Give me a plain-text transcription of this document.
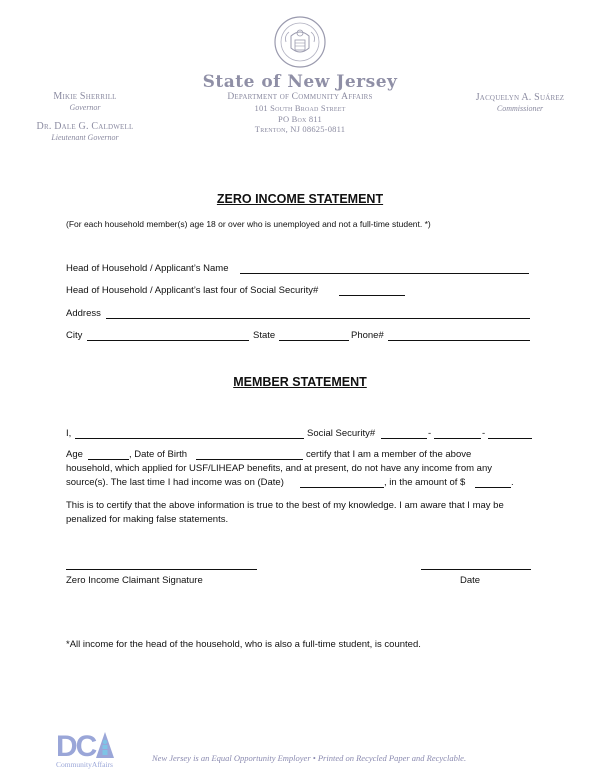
Mikie Sherrill
Governor
Dr. Dale G. Caldwell
Lieutenant Governor
State of New Jersey
Department of Community Affairs
101 South Broad Street
PO Box 811
Trenton, NJ 08625-0811
Jacquelyn A. Suárez
Commissioner
ZERO INCOME STATEMENT
(For each household member(s) age 18 or over who is unemployed and not a full-time student. *)
Head of Household / Applicant’s Name
Head of Household / Applicant’s last four of Social Security#
Address
City	State	Phone#
MEMBER STATEMENT
I,	Social Security#	-	-
Age	, Date of Birth	certify that I am a member of the above
household, which applied for USF/LIHEAP benefits, and at present, do not have any income from any
source(s). The last time I had income was on (Date)	, in the amount of $	.
This is to certify that the above information is true to the best of my knowledge. I am aware that I may be penalized for making false statements.
Zero Income Claimant Signature	Date
*All income for the head of the household, who is also a full-time student, is counted.
DC
CommunityAffairs
New Jersey is an Equal Opportunity Employer • Printed on Recycled Paper and Recyclable.
